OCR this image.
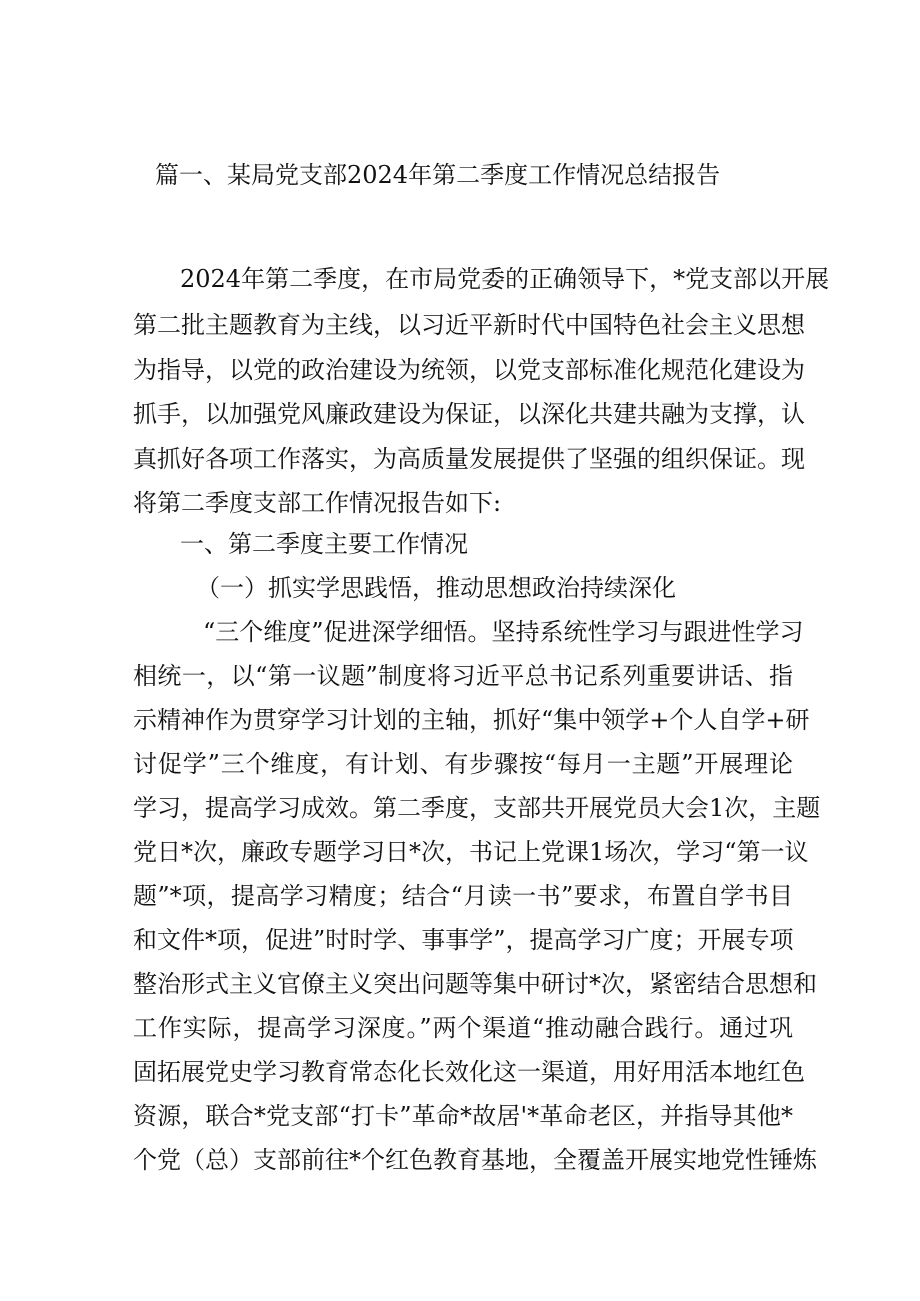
篇一、某局党支部2024年第二季度工作情况总结报告
2024年第二季度，在市局党委的正确领导下，*党支部以开展
第二批主题教育为主线，以习近平新时代中国特色社会主义思想
为指导，以党的政治建设为统领，以党支部标准化规范化建设为
抓手，以加强党风廉政建设为保证，以深化共建共融为支撑，认
真抓好各项工作落实，为高质量发展提供了坚强的组织保证。现
将第二季度支部工作情况报告如下:
一、第二季度主要工作情况
（一）抓实学思践悟，推动思想政治持续深化
“三个维度”促进深学细悟。坚持系统性学习与跟进性学习
相统一，以“第一议题”制度将习近平总书记系列重要讲话、指
示精神作为贯穿学习计划的主轴，抓好“集中领学+个人自学+研
讨促学”三个维度，有计划、有步骤按“每月一主题”开展理论
学习，提高学习成效。第二季度，支部共开展党员大会1次，主题
党日*次，廉政专题学习日*次，书记上党课1场次，学习“第一议
题”*项，提高学习精度；结合“月读一书”要求，布置自学书目
和文件*项，促进”时时学、事事学”，提高学习广度；开展专项
整治形式主义官僚主义突出问题等集中研讨*次，紧密结合思想和
工作实际，提高学习深度。”两个渠道“推动融合践行。通过巩
固拓展党史学习教育常态化长效化这一渠道，用好用活本地红色
资源，联合*党支部“打卡”革命*故居'*革命老区，并指导其他*
个党（总）支部前往*个红色教育基地，全覆盖开展实地党性锤炼
